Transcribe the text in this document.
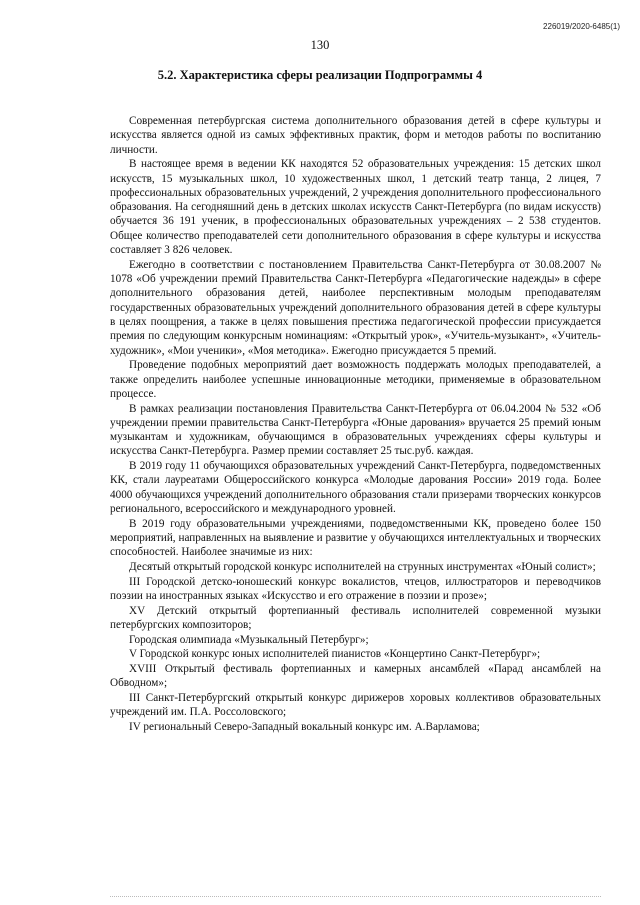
226019/2020-6485(1)
130
5.2. Характеристика сферы реализации Подпрограммы 4

Современная петербургская система дополнительного образования детей в сфере культуры и искусства является одной из самых эффективных практик, форм и методов работы по воспитанию личности.

В настоящее время в ведении КК находятся 52 образовательных учреждения: 15 детских школ искусств, 15 музыкальных школ, 10 художественных школ, 1 детский театр танца, 2 лицея, 7 профессиональных образовательных учреждений, 2 учреждения дополнительного профессионального образования. На сегодняшний день в детских школах искусств Санкт-Петербурга (по видам искусств) обучается 36 191 ученик, в профессиональных образовательных учреждениях – 2 538 студентов. Общее количество преподавателей сети дополнительного образования в сфере культуры и искусства составляет 3 826 человек.

Ежегодно в соответствии с постановлением Правительства Санкт-Петербурга от 30.08.2007 № 1078 «Об учреждении премий Правительства Санкт-Петербурга «Педагогические надежды» в сфере дополнительного образования детей, наиболее перспективным молодым преподавателям государственных образовательных учреждений дополнительного образования детей в сфере культуры в целях поощрения, а также в целях повышения престижа педагогической профессии присуждается премия по следующим конкурсным номинациям: «Открытый урок», «Учитель-музыкант», «Учитель-художник», «Мои ученики», «Моя методика». Ежегодно присуждается 5 премий.

Проведение подобных мероприятий дает возможность поддержать молодых преподавателей, а также определить наиболее успешные инновационные методики, применяемые в образовательном процессе.

В рамках реализации постановления Правительства Санкт-Петербурга от 06.04.2004 № 532 «Об учреждении премии правительства Санкт-Петербурга «Юные дарования» вручается 25 премий юным музыкантам и художникам, обучающимся в образовательных учреждениях сферы культуры и искусства Санкт-Петербурга. Размер премии составляет 25 тыс.руб. каждая.

В 2019 году 11 обучающихся образовательных учреждений Санкт-Петербурга, подведомственных КК, стали лауреатами Общероссийского конкурса «Молодые дарования России» 2019 года. Более 4000 обучающихся учреждений дополнительного образования стали призерами творческих конкурсов регионального, всероссийского и международного уровней.

В 2019 году образовательными учреждениями, подведомственными КК, проведено более 150 мероприятий, направленных на выявление и развитие у обучающихся интеллектуальных и творческих способностей. Наиболее значимые из них:

Десятый открытый городской конкурс исполнителей на струнных инструментах «Юный солист»;

III Городской детско-юношеский конкурс вокалистов, чтецов, иллюстраторов и переводчиков поэзии на иностранных языках «Искусство и его отражение в поэзии и прозе»;

XV Детский открытый фортепианный фестиваль исполнителей современной музыки петербургских композиторов;

Городская олимпиада «Музыкальный Петербург»;

V Городской конкурс юных исполнителей пианистов «Концертино Санкт-Петербург»;

XVIII Открытый фестиваль фортепианных и камерных ансамблей «Парад ансамблей на Обводном»;

III Санкт-Петербургский открытый конкурс дирижеров хоровых коллективов образовательных учреждений им. П.А. Россоловского;

IV региональный Северо-Западный вокальный конкурс им. А.Варламова;
